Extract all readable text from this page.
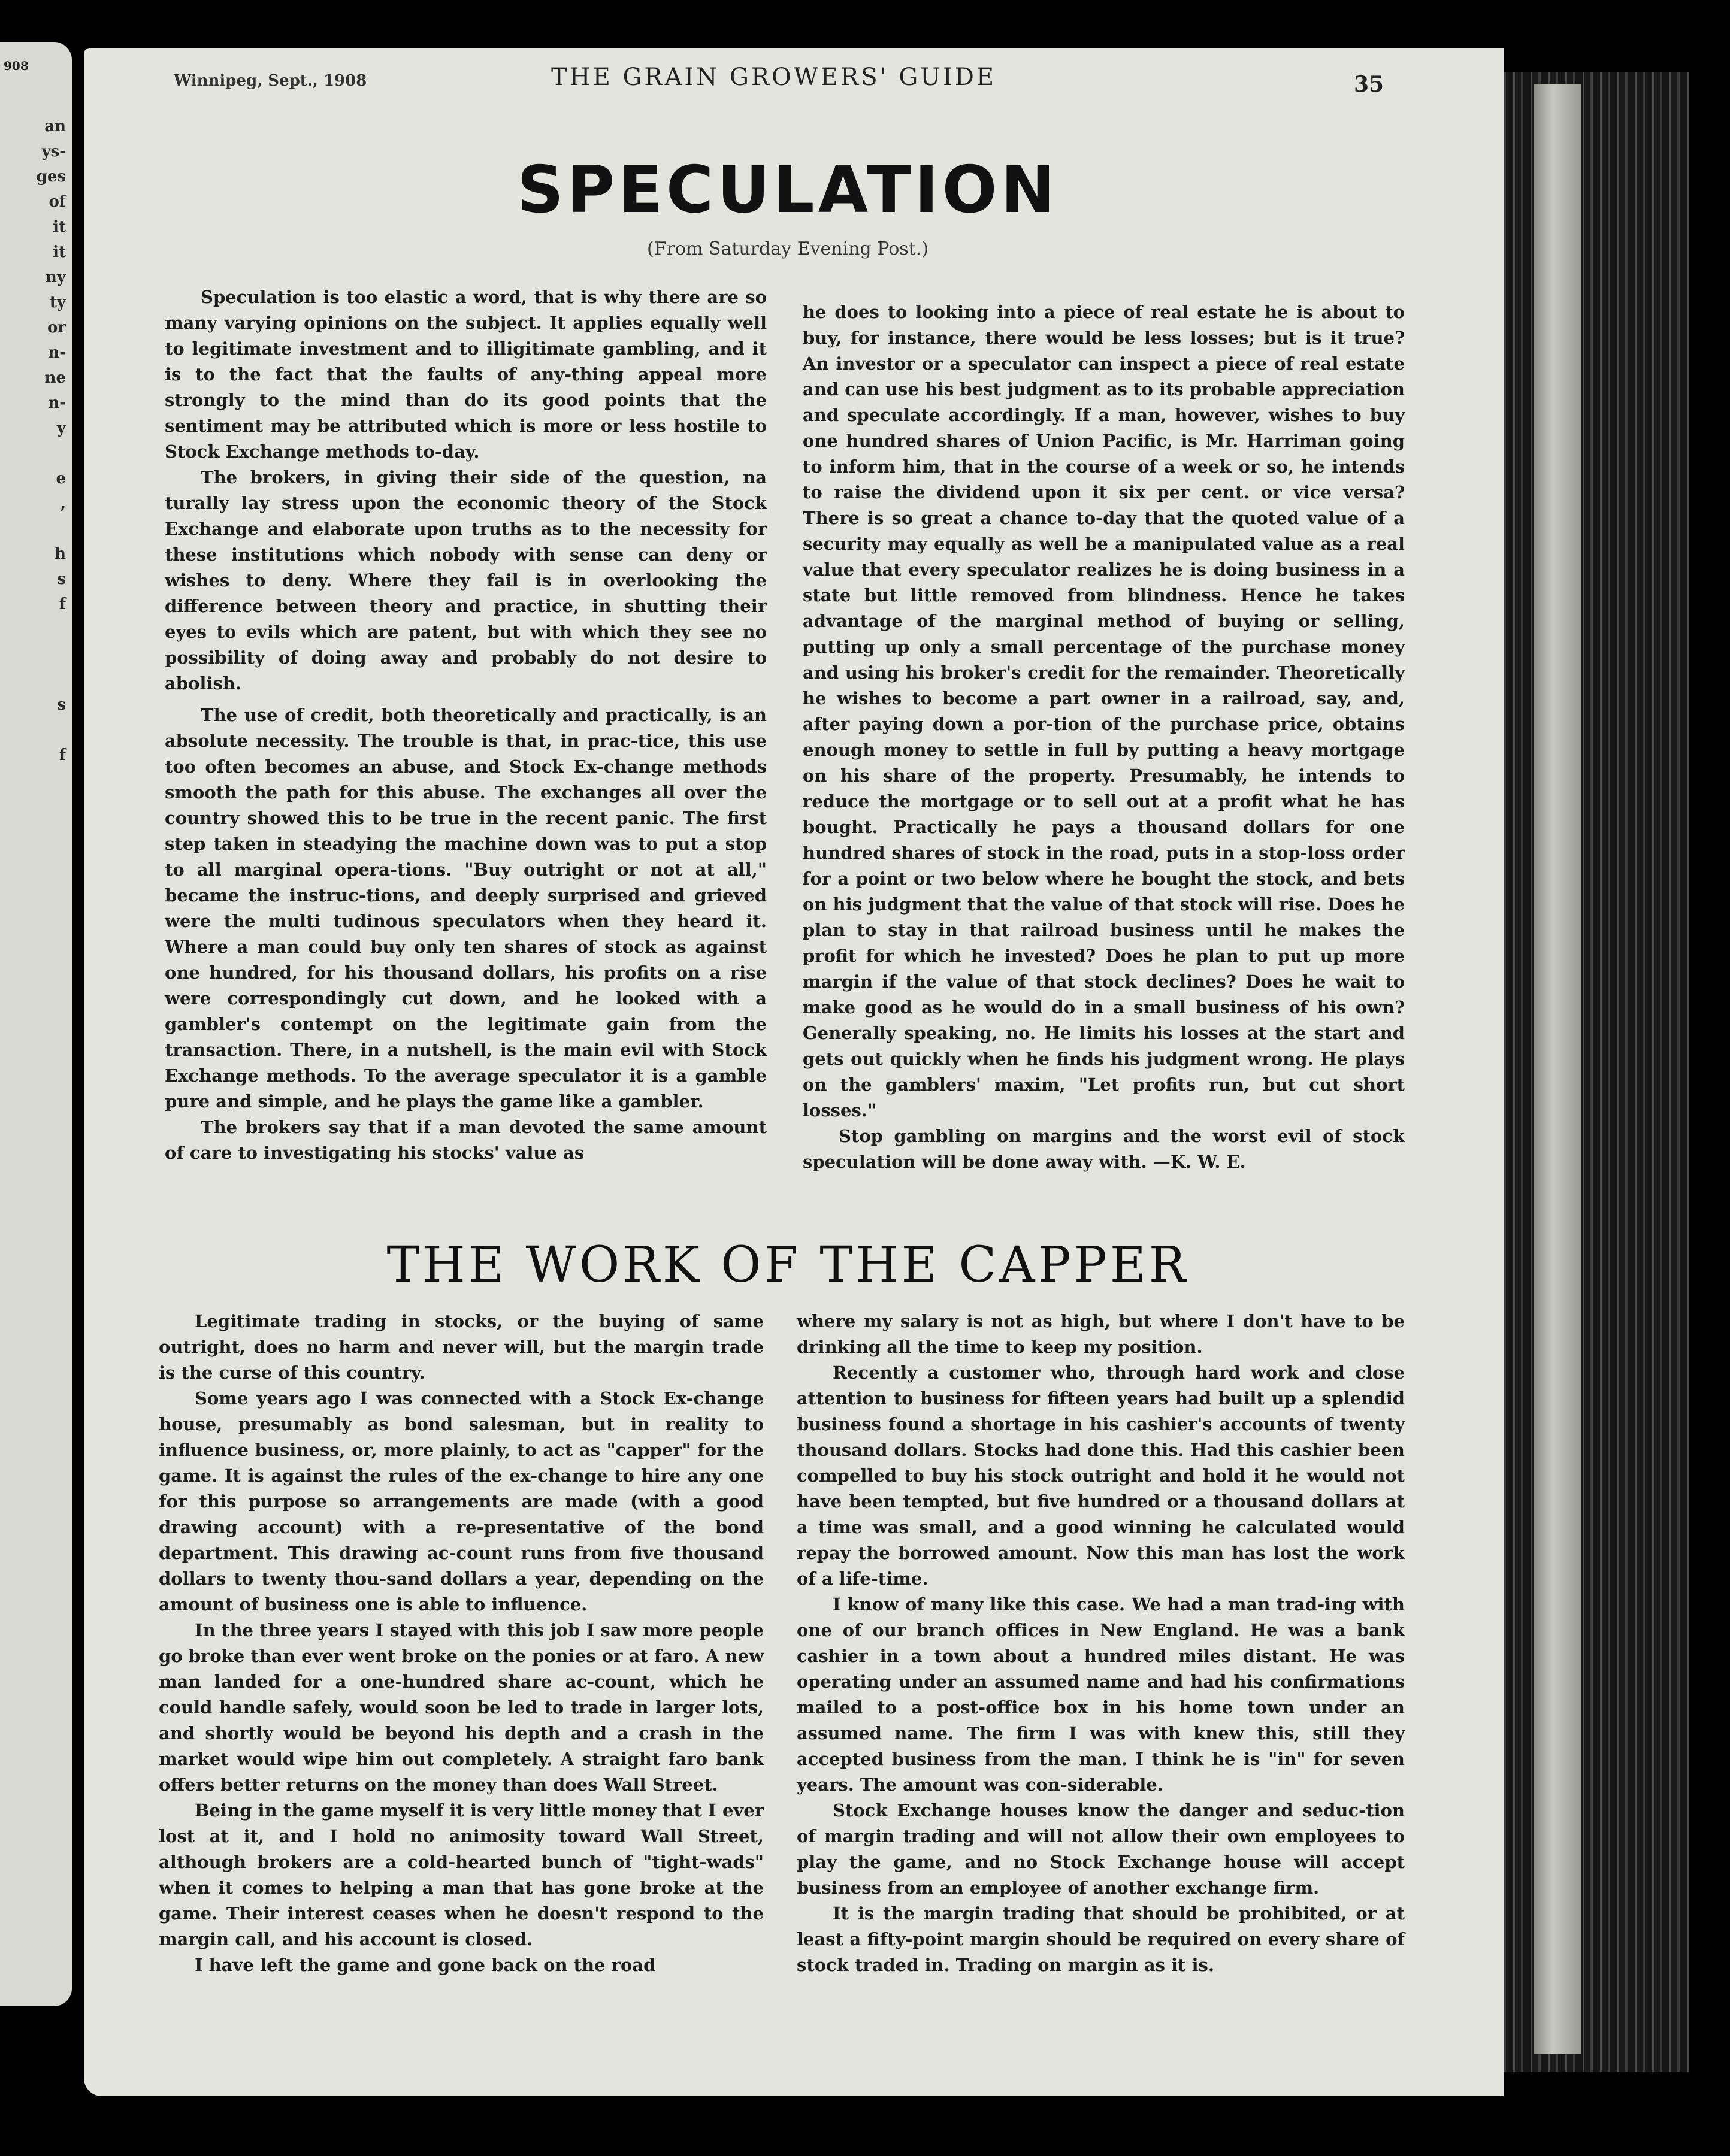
908
an
ys-
ges
of
it
it
ny
ty
or
n-
ne
n-
y

e
,

h
s
f

s

f

Winnipeg, Sept., 1908	THE GRAIN GROWERS' GUIDE	35
SPECULATION
(From Saturday Evening Post.)

Speculation is too elastic a word, that is why there are so many varying opinions on the subject. It applies equally well to legitimate investment and to illigitimate gambling, and it is to the fact that the faults of any-thing appeal more strongly to the mind than do its good points that the sentiment may be attributed which is more or less hostile to Stock Exchange methods to-day.

The brokers, in giving their side of the question, na turally lay stress upon the economic theory of the Stock Exchange and elaborate upon truths as to the necessity for these institutions which nobody with sense can deny or wishes to deny. Where they fail is in overlooking the difference between theory and practice, in shutting their eyes to evils which are patent, but with which they see no possibility of doing away and probably do not desire to abolish.

The use of credit, both theoretically and practically, is an absolute necessity. The trouble is that, in prac-tice, this use too often becomes an abuse, and Stock Ex-change methods smooth the path for this abuse. The exchanges all over the country showed this to be true in the recent panic. The first step taken in steadying the machine down was to put a stop to all marginal opera-tions. "Buy outright or not at all," became the instruc-tions, and deeply surprised and grieved were the multi tudinous speculators when they heard it. Where a man could buy only ten shares of stock as against one hundred, for his thousand dollars, his profits on a rise were correspondingly cut down, and he looked with a gambler's contempt on the legitimate gain from the transaction. There, in a nutshell, is the main evil with Stock Exchange methods. To the average speculator it is a gamble pure and simple, and he plays the game like a gambler.

The brokers say that if a man devoted the same amount of care to investigating his stocks' value as

he does to looking into a piece of real estate he is about to buy, for instance, there would be less losses; but is it true? An investor or a speculator can inspect a piece of real estate and can use his best judgment as to its probable appreciation and speculate accordingly. If a man, however, wishes to buy one hundred shares of Union Pacific, is Mr. Harriman going to inform him, that in the course of a week or so, he intends to raise the dividend upon it six per cent. or vice versa? There is so great a chance to-day that the quoted value of a security may equally as well be a manipulated value as a real value that every speculator realizes he is doing business in a state but little removed from blindness. Hence he takes advantage of the marginal method of buying or selling, putting up only a small percentage of the purchase money and using his broker's credit for the remainder. Theoretically he wishes to become a part owner in a railroad, say, and, after paying down a por-tion of the purchase price, obtains enough money to settle in full by putting a heavy mortgage on his share of the property. Presumably, he intends to reduce the mortgage or to sell out at a profit what he has bought. Practically he pays a thousand dollars for one hundred shares of stock in the road, puts in a stop-loss order for a point or two below where he bought the stock, and bets on his judgment that the value of that stock will rise. Does he plan to stay in that railroad business until he makes the profit for which he invested? Does he plan to put up more margin if the value of that stock declines? Does he wait to make good as he would do in a small business of his own? Generally speaking, no. He limits his losses at the start and gets out quickly when he finds his judgment wrong. He plays on the gamblers' maxim, "Let profits run, but cut short losses."

Stop gambling on margins and the worst evil of stock speculation will be done away with. —K. W. E.

THE WORK OF THE CAPPER

Legitimate trading in stocks, or the buying of same outright, does no harm and never will, but the margin trade is the curse of this country.

Some years ago I was connected with a Stock Ex-change house, presumably as bond salesman, but in reality to influence business, or, more plainly, to act as "capper" for the game. It is against the rules of the ex-change to hire any one for this purpose so arrangements are made (with a good drawing account) with a re-presentative of the bond department. This drawing ac-count runs from five thousand dollars to twenty thou-sand dollars a year, depending on the amount of business one is able to influence.

In the three years I stayed with this job I saw more people go broke than ever went broke on the ponies or at faro. A new man landed for a one-hundred share ac-count, which he could handle safely, would soon be led to trade in larger lots, and shortly would be beyond his depth and a crash in the market would wipe him out completely. A straight faro bank offers better returns on the money than does Wall Street.

Being in the game myself it is very little money that I ever lost at it, and I hold no animosity toward Wall Street, although brokers are a cold-hearted bunch of "tight-wads" when it comes to helping a man that has gone broke at the game. Their interest ceases when he doesn't respond to the margin call, and his account is closed.

I have left the game and gone back on the road

where my salary is not as high, but where I don't have to be drinking all the time to keep my position.

Recently a customer who, through hard work and close attention to business for fifteen years had built up a splendid business found a shortage in his cashier's accounts of twenty thousand dollars. Stocks had done this. Had this cashier been compelled to buy his stock outright and hold it he would not have been tempted, but five hundred or a thousand dollars at a time was small, and a good winning he calculated would repay the borrowed amount. Now this man has lost the work of a life-time.

I know of many like this case. We had a man trad-ing with one of our branch offices in New England. He was a bank cashier in a town about a hundred miles distant. He was operating under an assumed name and had his confirmations mailed to a post-office box in his home town under an assumed name. The firm I was with knew this, still they accepted business from the man. I think he is "in" for seven years. The amount was con-siderable.

Stock Exchange houses know the danger and seduc-tion of margin trading and will not allow their own employees to play the game, and no Stock Exchange house will accept business from an employee of another exchange firm.

It is the margin trading that should be prohibited, or at least a fifty-point margin should be required on every share of stock traded in. Trading on margin as it is.
